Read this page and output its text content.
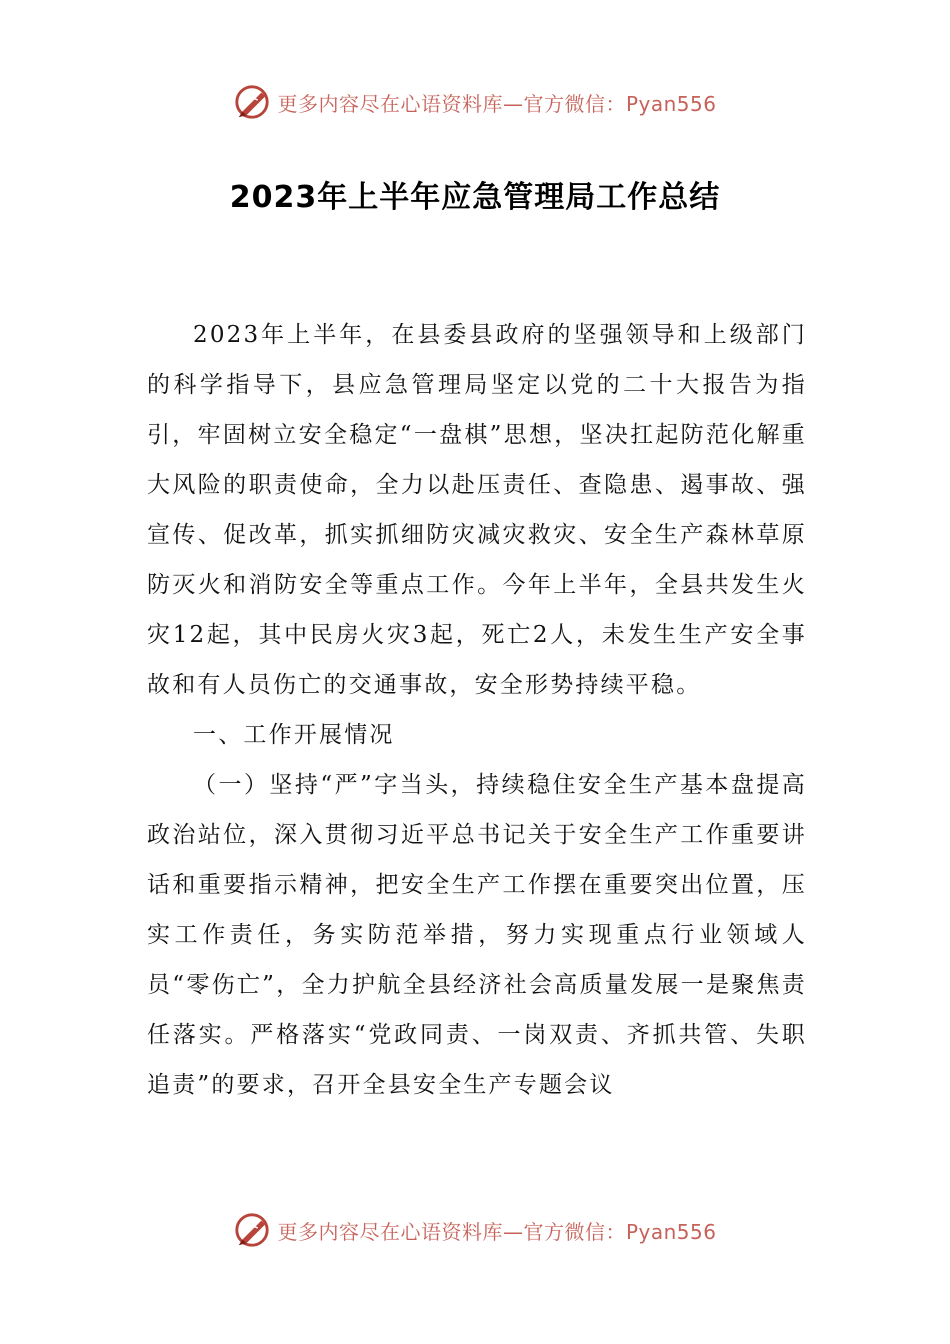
更多内容尽在心语资料库—官方微信：Pyan556
2023年上半年应急管理局工作总结

2023年上半年，在县委县政府的坚强领导和上级部门的科学指导下，县应急管理局坚定以党的二十大报告为指引，牢固树立安全稳定“一盘棋”思想，坚决扛起防范化解重大风险的职责使命，全力以赴压责任、查隐患、遏事故、强宣传、促改革，抓实抓细防灾减灾救灾、安全生产森林草原防灭火和消防安全等重点工作。今年上半年，全县共发生火灾12起，其中民房火灾3起，死亡2人，未发生生产安全事故和有人员伤亡的交通事故，安全形势持续平稳。

一、工作开展情况

（一）坚持“严”字当头，持续稳住安全生产基本盘提高政治站位，深入贯彻习近平总书记关于安全生产工作重要讲话和重要指示精神，把安全生产工作摆在重要突出位置，压实工作责任，务实防范举措，努力实现重点行业领域人员“零伤亡”，全力护航全县经济社会高质量发展一是聚焦责任落实。严格落实“党政同责、一岗双责、齐抓共管、失职追责”的要求，召开全县安全生产专题会议

更多内容尽在心语资料库—官方微信：Pyan556
